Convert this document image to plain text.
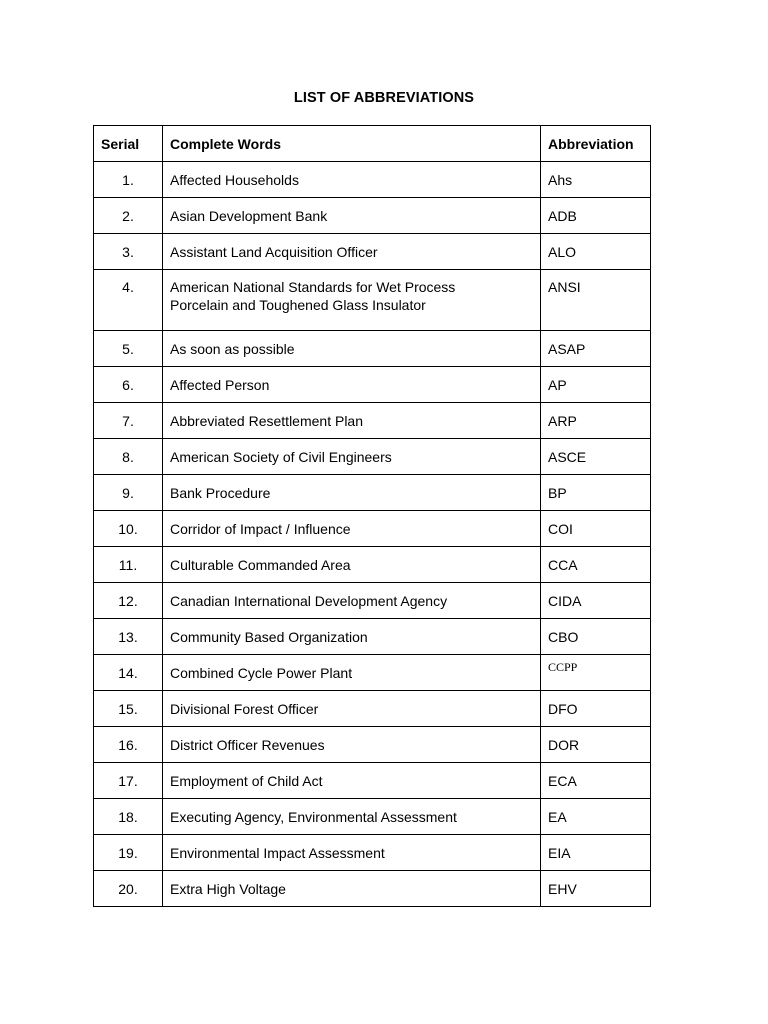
LIST OF ABBREVIATIONS
Serial	Complete Words	Abbreviation
1.	Affected Households	Ahs
2.	Asian Development Bank	ADB
3.	Assistant Land Acquisition Officer	ALO
4.	American National Standards for Wet Process
Porcelain and Toughened Glass Insulator	ANSI
5.	As soon as possible	ASAP
6.	Affected Person	AP
7.	Abbreviated Resettlement Plan	ARP
8.	American Society of Civil Engineers	ASCE
9.	Bank Procedure	BP
10.	Corridor of Impact / Influence	COI
11.	Culturable Commanded Area	CCA
12.	Canadian International Development Agency	CIDA
13.	Community Based Organization	CBO
14.	Combined Cycle Power Plant	CCPP
15.	Divisional Forest Officer	DFO
16.	District Officer Revenues	DOR
17.	Employment of Child Act	ECA
18.	Executing Agency, Environmental Assessment	EA
19.	Environmental Impact Assessment	EIA
20.	Extra High Voltage	EHV
